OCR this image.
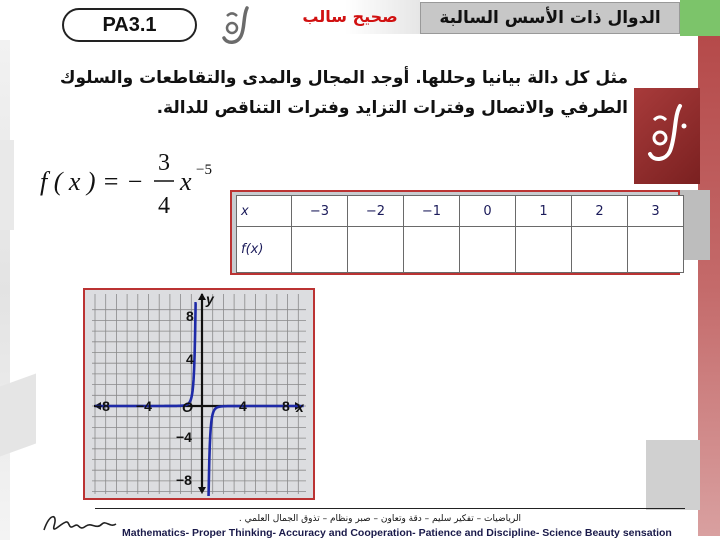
الدوال ذات الأسس السالبة
صحيح سالب
PA3.1
مثل كل دالة بيانيا وحللها. أوجد المجال والمدى والتقاطعات والسلوك
الطرفي والاتصال وفترات التزايد وفترات التناقص للدالة.
f ( x ) = −
3
4
x −5
x	−3	−2	−1	0	1	2	3
f(x)							
−8 −4	4	8 x
8
4
−4
−8
y
O
الرياضيات – تفكير سليم – دقة وتعاون – صبر ونظام – تذوق الجمال العلمي .
Mathematics- Proper Thinking- Accuracy and Cooperation- Patience and Discipline- Science Beauty sensation
